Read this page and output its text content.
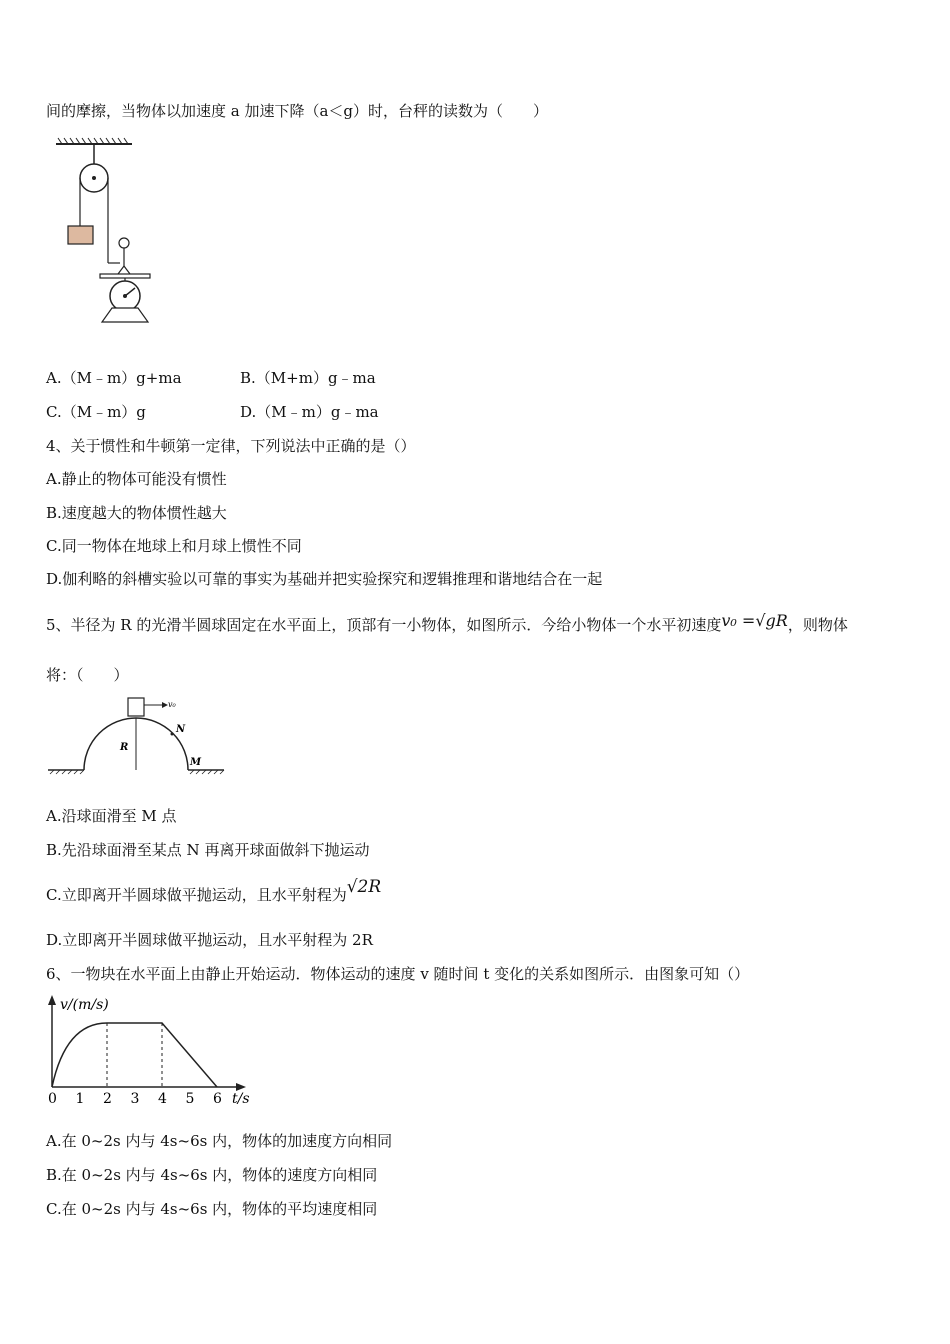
间的摩擦，当物体以加速度 a 加速下降（a＜g）时，台秤的读数为（　　）
A.（M﹣m）g+ma	B.（M+m）g﹣ma
C.（M﹣m）g	D.（M﹣m）g﹣ma
4、关于惯性和牛顿第一定律，下列说法中正确的是（）
A.静止的物体可能没有惯性
B.速度越大的物体惯性越大
C.同一物体在地球上和月球上惯性不同
D.伽利略的斜槽实验以可靠的事实为基础并把实验探究和逻辑推理和谐地结合在一起
5、半径为 R 的光滑半圆球固定在水平面上，顶部有一小物体，如图所示．今给小物体一个水平初速度v₀ =√gR，则物体
将：（　　）
v₀
N
R
M
A.沿球面滑至 M 点
B.先沿球面滑至某点 N 再离开球面做斜下抛运动
C.立即离开半圆球做平抛运动，且水平射程为√2R
D.立即离开半圆球做平抛运动，且水平射程为 2R
6、一物块在水平面上由静止开始运动．物体运动的速度 v 随时间 t 变化的关系如图所示．由图象可知（）
v/(m/s)
t/s
0 1 2 3 4 5 6
A.在 0~2s 内与 4s~6s 内，物体的加速度方向相同
B.在 0~2s 内与 4s~6s 内，物体的速度方向相同
C.在 0~2s 内与 4s~6s 内，物体的平均速度相同
